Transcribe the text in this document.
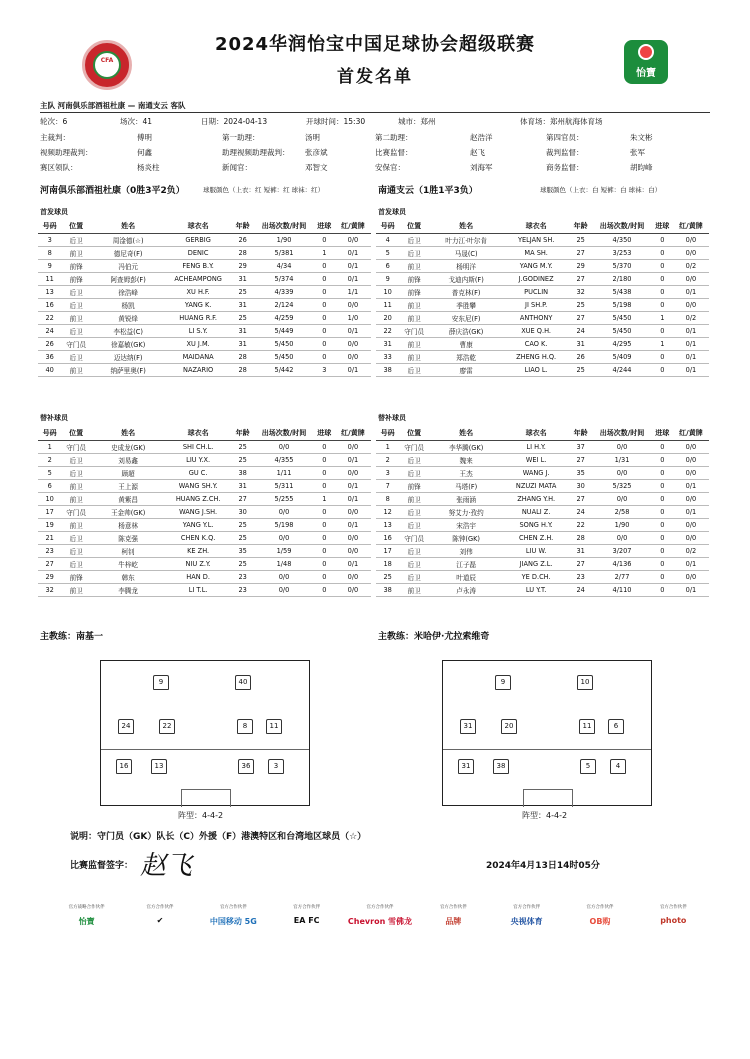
2024华润怡宝中国足球协会超级联赛
首发名单
CFA
怡寶
主队 河南俱乐部酒祖杜康 — 南通支云 客队
轮次：6	场次：41	日期：2024-04-13	开球时间：15:30	城市：郑州	体育场：郑州航海体育场
主裁判：	傅明	第一助理：	汤明	第二助理：	赵浩洋	第四官员：	朱文彬
视频助理裁判：	何鑫	助理视频助理裁判： 张彦斌	比赛监督：	赵飞	裁判监督：	张军
赛区领队：	杨炎柱	新闻官：	邓智文	安保官：	刘海军	商务监督：	胡昀峰
河南俱乐部酒祖杜康（0胜3平2负）	球服颜色（上衣：红 短裤：红 球袜：红）	南通支云（1胜1平3负）	球服颜色（上衣：白 短裤：白 球袜：白）
首发球员	首发球员
号码	位置	姓名	球衣名	年龄	出场次数/时间	进球	红/黄牌
3	后卫	周淦德(☆)	GERBIG	26	1/90	0	0/0
8	前卫	德尼奇(F)	DENIC	28	5/381	1	0/1
9	前锋	冯伯元	FENG B.Y.	29	4/34	0	0/1
11	前锋	阿查姆彭(F)	ACHEAMPONG	31	5/374	0	0/1
13	后卫	徐浩峰	XU H.F.	25	4/339	0	1/1
16	后卫	杨凯	YANG K.	31	2/124	0	0/0
22	前卫	黄锐烽	HUANG R.F.	25	4/259	0	1/0
24	后卫	李松益(C)	LI S.Y.	31	5/449	0	0/1
26	守门员	徐嘉敏(GK)	XU J.M.	31	5/450	0	0/0
36	后卫	迈达纳(F)	MAIDANA	28	5/450	0	0/0
40	前卫	纳萨里奥(F)	NAZARIO	28	5/442	3	0/1
号码	位置	姓名	球衣名	年龄	出场次数/时间	进球	红/黄牌
4	后卫	叶力江·叶尔肯	YELJAN SH.	25	4/350	0	0/0
5	后卫	马晟(C)	MA SH.	27	3/253	0	0/0
6	前卫	杨明洋	YANG M.Y.	29	5/370	0	0/2
9	前锋	戈迪内斯(F)	J.GODINEZ	27	2/180	0	0/0
10	前锋	普克林(F)	PUCLIN	32	5/438	0	0/1
11	前卫	季胜攀	JI SH.P.	25	5/198	0	0/0
20	前卫	安东尼(F)	ANTHONY	27	5/450	1	0/2
22	守门员	薛庆浩(GK)	XUE Q.H.	24	5/450	0	0/1
31	前卫	曹康	CAO K.	31	4/295	1	0/1
33	前卫	郑浩乾	ZHENG H.Q.	26	5/409	0	0/1
38	后卫	廖雷	LIAO L.	25	4/244	0	0/1
替补球员	替补球员
号码	位置	姓名	球衣名	年龄	出场次数/时间	进球	红/黄牌
1	守门员	史成龙(GK)	SHI CH.L.	25	0/0	0	0/0
2	后卫	刘易鑫	LIU Y.X.	25	4/355	0	0/1
5	后卫	顾超	GU C.	38	1/11	0	0/0
6	前卫	王上源	WANG SH.Y.	31	5/311	0	0/1
10	前卫	黄紫昌	HUANG Z.CH.	27	5/255	1	0/1
17	守门员	王金帅(GK)	WANG J.SH.	30	0/0	0	0/0
19	前卫	杨意林	YANG Y.L.	25	5/198	0	0/1
21	后卫	陈克强	CHEN K.Q.	25	0/0	0	0/0
23	后卫	柯钊	KE ZH.	35	1/59	0	0/0
27	后卫	牛梓屹	NIU Z.Y.	25	1/48	0	0/1
29	前锋	韩东	HAN D.	23	0/0	0	0/0
32	前卫	李腾龙	LI T.L.	23	0/0	0	0/0
号码	位置	姓名	球衣名	年龄	出场次数/时间	进球	红/黄牌
1	守门员	李华腾(GK)	LI H.Y.	37	0/0	0	0/0
2	后卫	魏来	WEI L.	27	1/31	0	0/0
3	后卫	王杰	WANG J.	35	0/0	0	0/0
7	前锋	马塔(F)	NZUZI MATA	30	5/325	0	0/1
8	前卫	张雨涵	ZHANG Y.H.	27	0/0	0	0/0
12	后卫	努艾力·孜约	NUALI Z.	24	2/58	0	0/1
13	后卫	宋浩宇	SONG H.Y.	22	1/90	0	0/0
16	守门员	陈钟(GK)	CHEN Z.H.	28	0/0	0	0/0
17	后卫	刘伟	LIU W.	31	3/207	0	0/2
18	后卫	江子磊	JIANG Z.L.	27	4/136	0	0/1
25	后卫	叶道辰	YE D.CH.	23	2/77	0	0/0
38	前卫	卢永涛	LU Y.T.	24	4/110	0	0/1
主教练：南基一	主教练：米哈伊·尤拉索维奇
9	40
24	22	8	11
16	13	36	3
9	10
31	20	11	6
31	38	5	4
阵型：4-4-2	阵型：4-4-2
说明：守门员（GK）队长（C）外援（F）港澳特区和台湾地区球员（☆）
比赛监督签字： 赵飞	2024年4月13日14时05分
官方战略合作伙伴
怡寶
官方合作伙伴
✔
官方合作伙伴
中国移动 5G
官方合作伙伴
EA FC
官方合作伙伴
Chevron 雪佛龙
官方合作伙伴
品牌
官方合作伙伴
央视体育
官方合作伙伴
OB购
官方合作伙伴
photo
